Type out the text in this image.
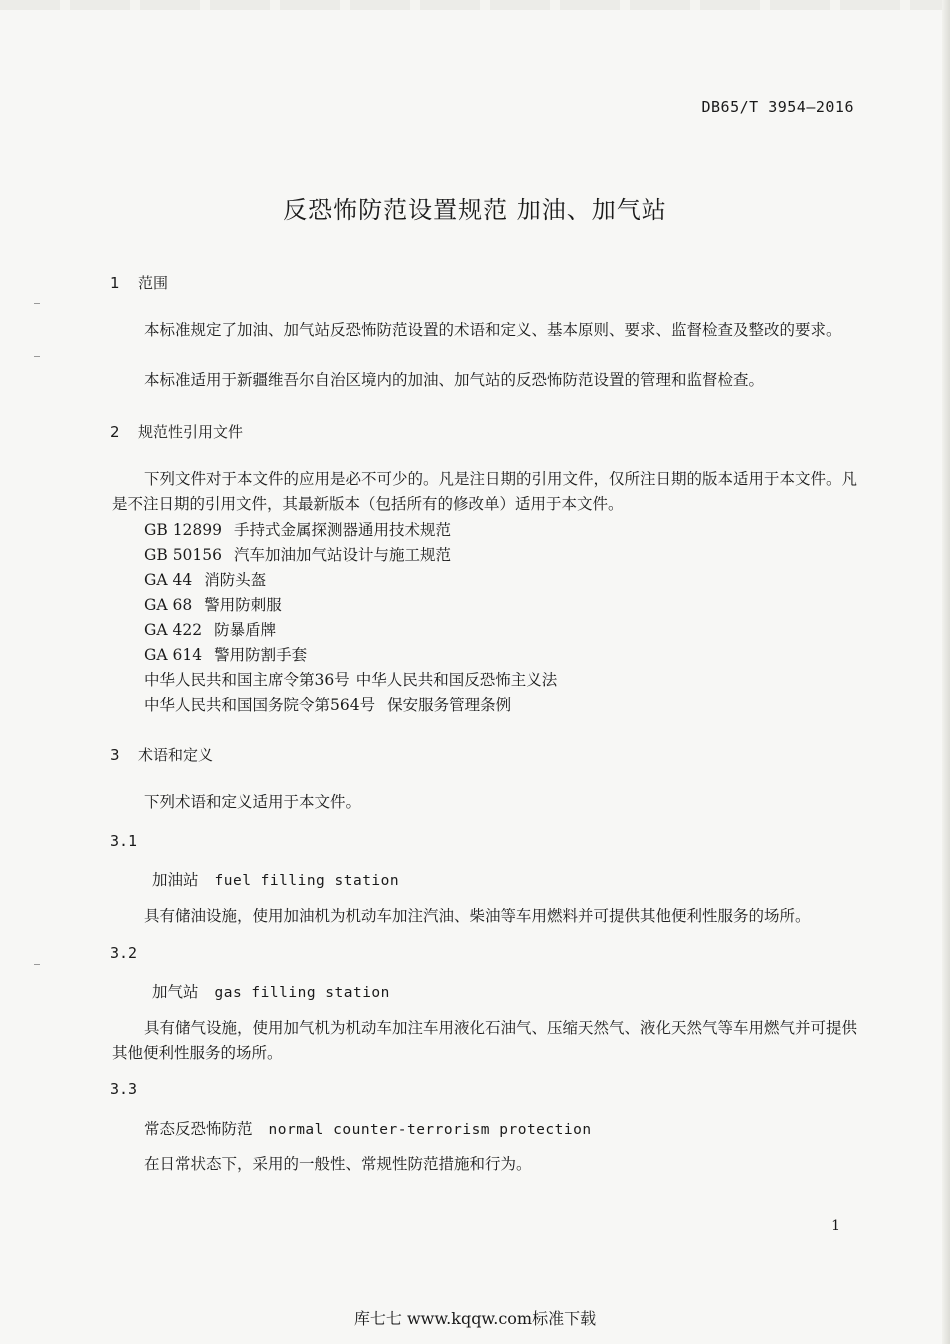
DB65/T 3954—2016
反恐怖防范设置规范 加油、加气站
1 范围
本标准规定了加油、加气站反恐怖防范设置的术语和定义、基本原则、要求、监督检查及整改的要求。
本标准适用于新疆维吾尔自治区境内的加油、加气站的反恐怖防范设置的管理和监督检查。
2 规范性引用文件
下列文件对于本文件的应用是必不可少的。凡是注日期的引用文件，仅所注日期的版本适用于本文件。凡是不注日期的引用文件，其最新版本（包括所有的修改单）适用于本文件。
GB 12899 手持式金属探测器通用技术规范
GB 50156 汽车加油加气站设计与施工规范
GA 44 消防头盔
GA 68 警用防刺服
GA 422 防暴盾牌
GA 614 警用防割手套
中华人民共和国主席令第36号 中华人民共和国反恐怖主义法
中华人民共和国国务院令第564号 保安服务管理条例
3 术语和定义
下列术语和定义适用于本文件。
3.1
加油站 fuel filling station
具有储油设施，使用加油机为机动车加注汽油、柴油等车用燃料并可提供其他便利性服务的场所。
3.2
加气站 gas filling station
具有储气设施，使用加气机为机动车加注车用液化石油气、压缩天然气、液化天然气等车用燃气并可提供其他便利性服务的场所。
3.3
常态反恐怖防范 normal counter-terrorism protection
在日常状态下，采用的一般性、常规性防范措施和行为。
1
库七七 www.kqqw.com标准下载
